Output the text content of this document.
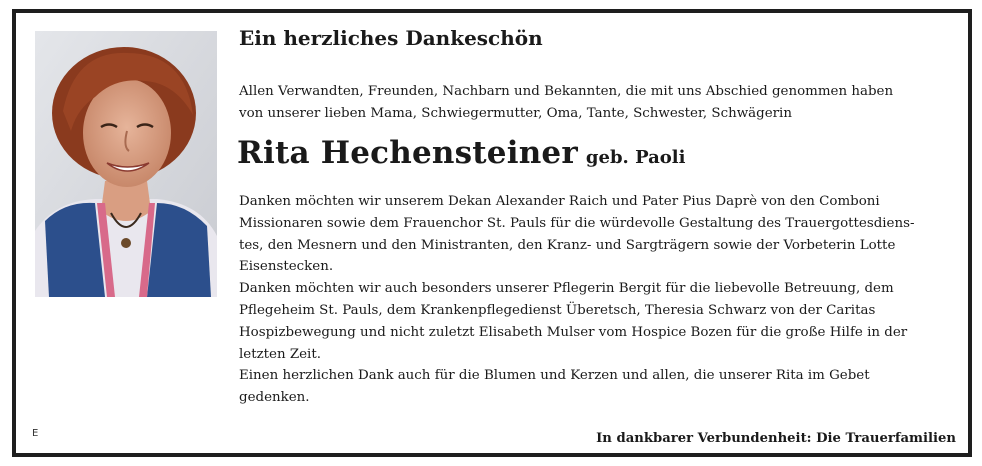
Ein herzliches Dankeschön
Allen Verwandten, Freunden, Nachbarn und Bekannten, die mit uns Abschied genommen haben
von unserer lieben Mama, Schwiegermutter, Oma, Tante, Schwester, Schwägerin
Rita Hechensteiner geb. Paoli

Danken möchten wir unserem Dekan Alexander Raich und Pater Pius Daprè von den Comboni
Missionaren sowie dem Frauenchor St. Pauls für die würdevolle Gestaltung des Trauergottesdiens-
tes, den Mesnern und den Ministranten, den Kranz- und Sargträgern sowie der Vorbeterin Lotte
Eisenstecken.

Danken möchten wir auch besonders unserer Pflegerin Bergit für die liebevolle Betreuung, dem
Pflegeheim St. Pauls, dem Krankenpflegedienst Überetsch, Theresia Schwarz von der Caritas
Hospizbewegung und nicht zuletzt Elisabeth Mulser vom Hospice Bozen für die große Hilfe in der
letzten Zeit.

Einen herzlichen Dank auch für die Blumen und Kerzen und allen, die unserer Rita im Gebet
gedenken.

In dankbarer Verbundenheit: Die Trauerfamilien
E
